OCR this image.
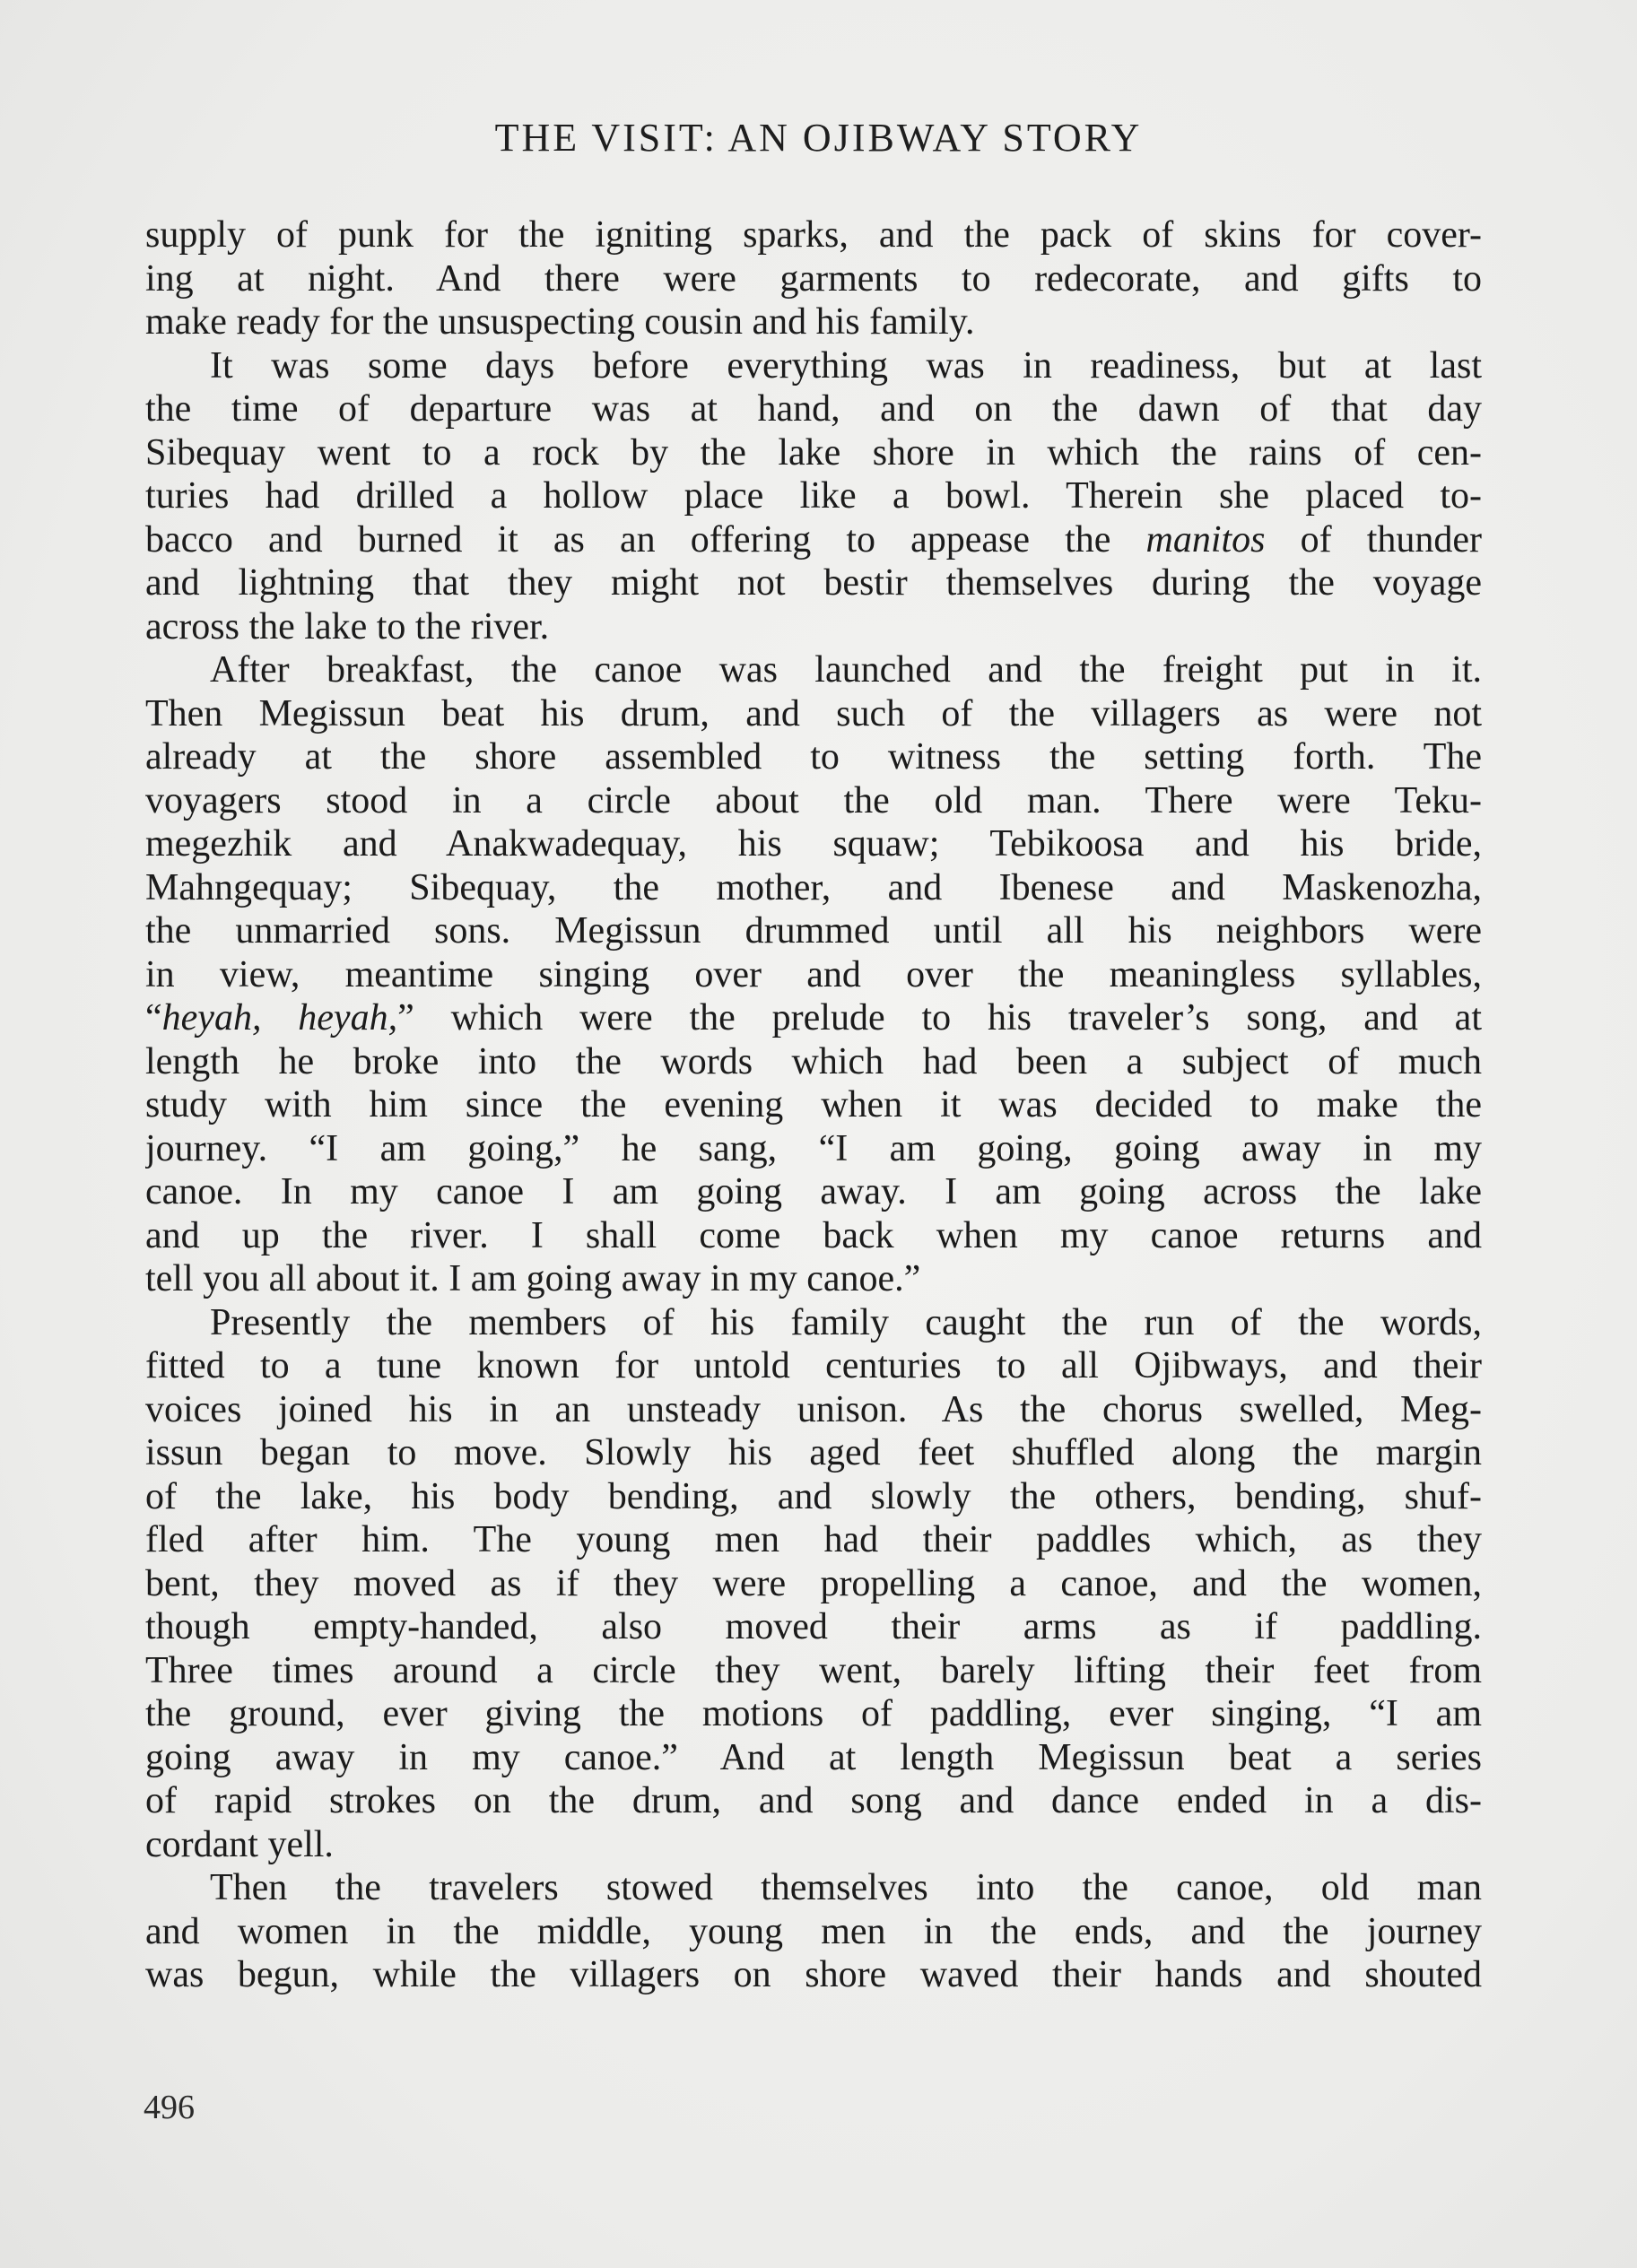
THE VISIT: AN OJIBWAY STORY
supply of punk for the igniting sparks, and the pack of skins for cover-
ing at night. And there were garments to redecorate, and gifts to
make ready for the unsuspecting cousin and his family.
It was some days before everything was in readiness, but at last
the time of departure was at hand, and on the dawn of that day
Sibequay went to a rock by the lake shore in which the rains of cen-
turies had drilled a hollow place like a bowl. Therein she placed to-
bacco and burned it as an offering to appease the manitos of thunder
and lightning that they might not bestir themselves during the voyage
across the lake to the river.
After breakfast, the canoe was launched and the freight put in it.
Then Megissun beat his drum, and such of the villagers as were not
already at the shore assembled to witness the setting forth. The
voyagers stood in a circle about the old man. There were Teku-
megezhik and Anakwadequay, his squaw; Tebikoosa and his bride,
Mahngequay; Sibequay, the mother, and Ibenese and Maskenozha,
the unmarried sons. Megissun drummed until all his neighbors were
in view, meantime singing over and over the meaningless syllables,
“heyah, heyah,” which were the prelude to his traveler’s song, and at
length he broke into the words which had been a subject of much
study with him since the evening when it was decided to make the
journey. “I am going,” he sang, “I am going, going away in my
canoe. In my canoe I am going away. I am going across the lake
and up the river. I shall come back when my canoe returns and
tell you all about it. I am going away in my canoe.”
Presently the members of his family caught the run of the words,
fitted to a tune known for untold centuries to all Ojibways, and their
voices joined his in an unsteady unison. As the chorus swelled, Meg-
issun began to move. Slowly his aged feet shuffled along the margin
of the lake, his body bending, and slowly the others, bending, shuf-
fled after him. The young men had their paddles which, as they
bent, they moved as if they were propelling a canoe, and the women,
though empty-handed, also moved their arms as if paddling.
Three times around a circle they went, barely lifting their feet from
the ground, ever giving the motions of paddling, ever singing, “I am
going away in my canoe.” And at length Megissun beat a series
of rapid strokes on the drum, and song and dance ended in a dis-
cordant yell.
Then the travelers stowed themselves into the canoe, old man
and women in the middle, young men in the ends, and the journey
was begun, while the villagers on shore waved their hands and shouted
496
